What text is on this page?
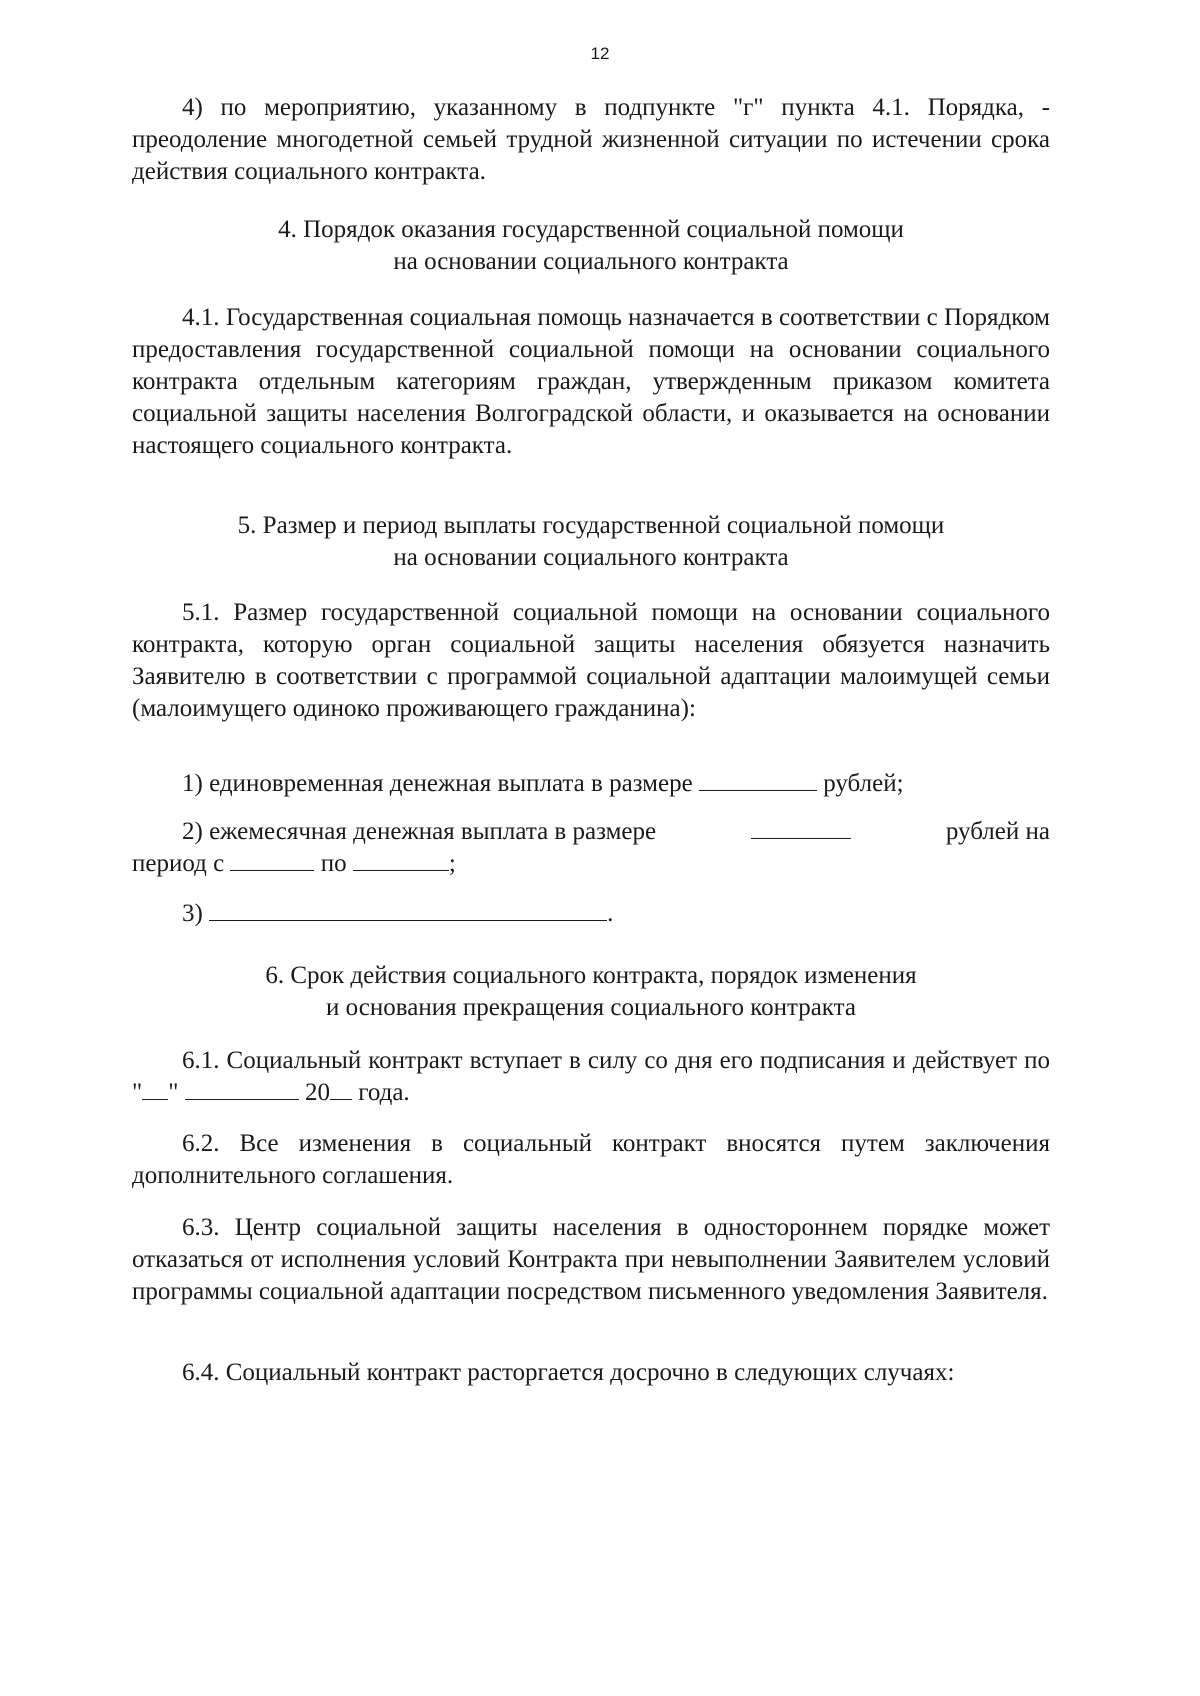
12
4) по мероприятию, указанному в подпункте "г" пункта 4.1. Порядка, - преодоление многодетной семьей трудной жизненной ситуации по истечении срока действия социального контракта.
4. Порядок оказания государственной социальной помощи
на основании социального контракта
4.1. Государственная социальная помощь назначается в соответствии с Порядком предоставления государственной социальной помощи на основании социального контракта отдельным категориям граждан, утвержденным приказом комитета социальной защиты населения Волгоградской области, и оказывается на основании настоящего социального контракта.
5. Размер и период выплаты государственной социальной помощи
на основании социального контракта
5.1. Размер государственной социальной помощи на основании социального контракта, которую орган социальной защиты населения обязуется назначить Заявителю в соответствии с программой социальной адаптации малоимущей семьи (малоимущего одиноко проживающего гражданина):
1) единовременная денежная выплата в размере	рублей;
2) ежемесячная денежная выплата в размере	рублей на
период с	по	;
3)	.
6. Срок действия социального контракта, порядок изменения
и основания прекращения социального контракта
6.1. Социальный контракт вступает в силу со дня его подписания и действует по " "	20 года.
6.2. Все изменения в социальный контракт вносятся путем заключения дополнительного соглашения.
6.3. Центр социальной защиты населения в одностороннем порядке может отказаться от исполнения условий Контракта при невыполнении Заявителем условий программы социальной адаптации посредством письменного уведомления Заявителя.
6.4. Социальный контракт расторгается досрочно в следующих случаях:
